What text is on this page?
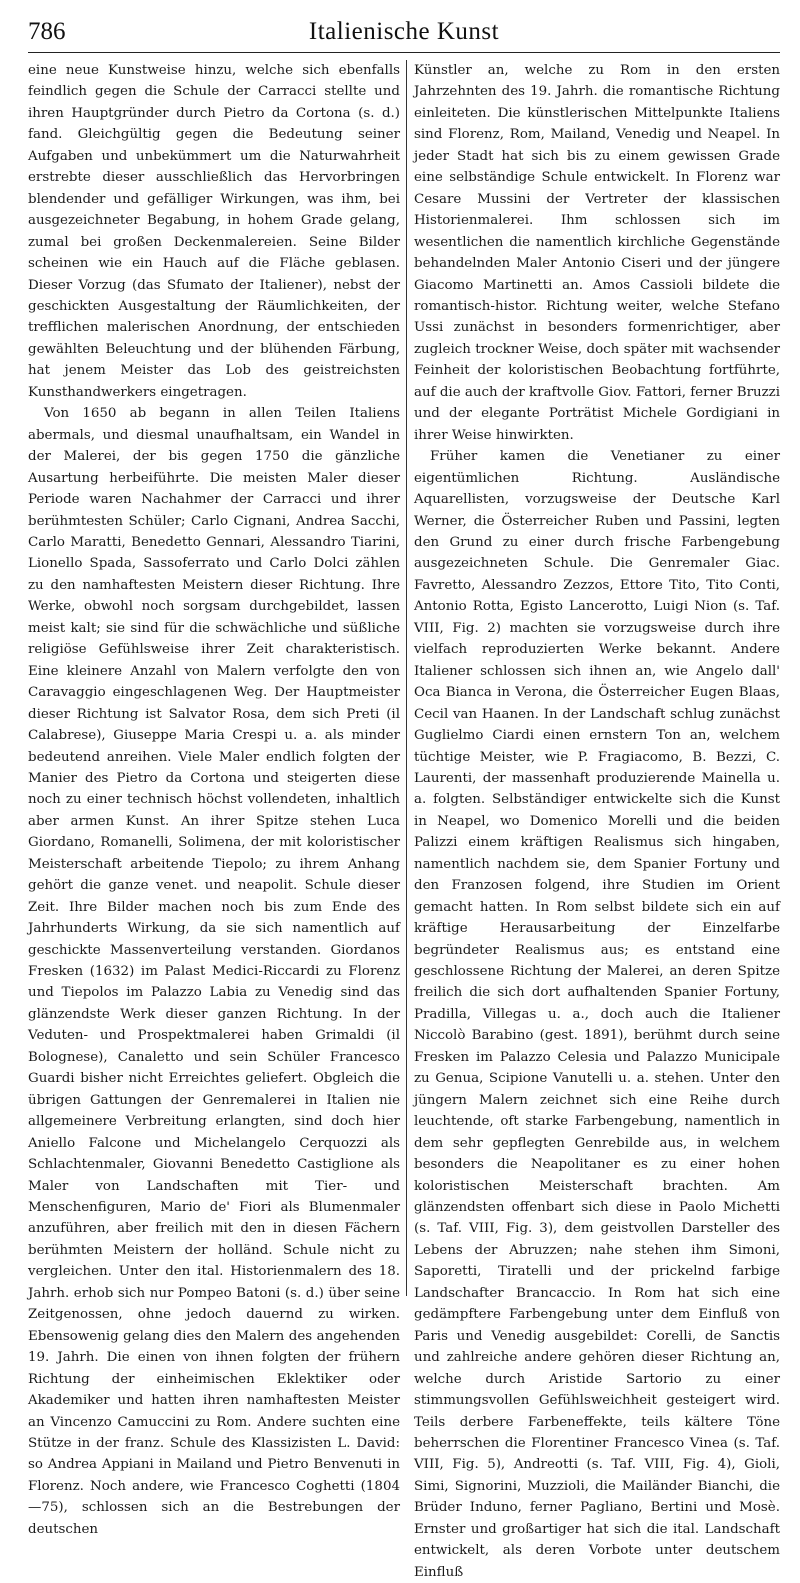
786	Italienische Kunst

eine neue Kunstweise hinzu, welche sich ebenfalls feindlich gegen die Schule der Carracci stellte und ihren Hauptgründer durch Pietro da Cortona (s. d.) fand. Gleichgültig gegen die Bedeutung seiner Aufgaben und unbekümmert um die Naturwahrheit erstrebte dieser ausschließlich das Hervorbringen blendender und gefälliger Wirkungen, was ihm, bei ausgezeichneter Begabung, in hohem Grade gelang, zumal bei großen Deckenmalereien. Seine Bilder scheinen wie ein Hauch auf die Fläche geblasen. Dieser Vorzug (das Sfumato der Italiener), nebst der geschickten Ausgestaltung der Räumlichkeiten, der trefflichen malerischen Anordnung, der entschieden gewählten Beleuchtung und der blühenden Färbung, hat jenem Meister das Lob des geistreichsten Kunsthandwerkers eingetragen.

Von 1650 ab begann in allen Teilen Italiens abermals, und diesmal unaufhaltsam, ein Wandel in der Malerei, der bis gegen 1750 die gänzliche Ausartung herbeiführte. Die meisten Maler dieser Periode waren Nachahmer der Carracci und ihrer berühmtesten Schüler; Carlo Cignani, Andrea Sacchi, Carlo Maratti, Benedetto Gennari, Alessandro Tiarini, Lionello Spada, Sassoferrato und Carlo Dolci zählen zu den namhaftesten Meistern dieser Richtung. Ihre Werke, obwohl noch sorgsam durchgebildet, lassen meist kalt; sie sind für die schwächliche und süßliche religiöse Gefühlsweise ihrer Zeit charakteristisch. Eine kleinere Anzahl von Malern verfolgte den von Caravaggio eingeschlagenen Weg. Der Hauptmeister dieser Richtung ist Salvator Rosa, dem sich Preti (il Calabrese), Giuseppe Maria Crespi u. a. als minder bedeutend anreihen. Viele Maler endlich folgten der Manier des Pietro da Cortona und steigerten diese noch zu einer technisch höchst vollendeten, inhaltlich aber armen Kunst. An ihrer Spitze stehen Luca Giordano, Romanelli, Solimena, der mit koloristischer Meisterschaft arbeitende Tiepolo; zu ihrem Anhang gehört die ganze venet. und neapolit. Schule dieser Zeit. Ihre Bilder machen noch bis zum Ende des Jahrhunderts Wirkung, da sie sich namentlich auf geschickte Massenverteilung verstanden. Giordanos Fresken (1632) im Palast Medici-Riccardi zu Florenz und Tiepolos im Palazzo Labia zu Venedig sind das glänzendste Werk dieser ganzen Richtung. In der Veduten- und Prospektmalerei haben Grimaldi (il Bolognese), Canaletto und sein Schüler Francesco Guardi bisher nicht Erreichtes geliefert. Obgleich die übrigen Gattungen der Genremalerei in Italien nie allgemeinere Verbreitung erlangten, sind doch hier Aniello Falcone und Michelangelo Cerquozzi als Schlachtenmaler, Giovanni Benedetto Castiglione als Maler von Landschaften mit Tier- und Menschenfiguren, Mario de' Fiori als Blumenmaler anzuführen, aber freilich mit den in diesen Fächern berühmten Meistern der holländ. Schule nicht zu vergleichen. Unter den ital. Historienmalern des 18. Jahrh. erhob sich nur Pompeo Batoni (s. d.) über seine Zeitgenossen, ohne jedoch dauernd zu wirken. Ebensowenig gelang dies den Malern des angehenden 19. Jahrh. Die einen von ihnen folgten der frühern Richtung der einheimischen Eklektiker oder Akademiker und hatten ihren namhaftesten Meister an Vincenzo Camuccini zu Rom. Andere suchten eine Stütze in der franz. Schule des Klassizisten L. David: so Andrea Appiani in Mailand und Pietro Benvenuti in Florenz. Noch andere, wie Francesco Coghetti (1804—75), schlossen sich an die Bestrebungen der deutschen

Künstler an, welche zu Rom in den ersten Jahrzehnten des 19. Jahrh. die romantische Richtung einleiteten. Die künstlerischen Mittelpunkte Italiens sind Florenz, Rom, Mailand, Venedig und Neapel. In jeder Stadt hat sich bis zu einem gewissen Grade eine selbständige Schule entwickelt. In Florenz war Cesare Mussini der Vertreter der klassischen Historienmalerei. Ihm schlossen sich im wesentlichen die namentlich kirchliche Gegenstände behandelnden Maler Antonio Ciseri und der jüngere Giacomo Martinetti an. Amos Cassioli bildete die romantisch-histor. Richtung weiter, welche Stefano Ussi zunächst in besonders formenrichtiger, aber zugleich trockner Weise, doch später mit wachsender Feinheit der koloristischen Beobachtung fortführte, auf die auch der kraftvolle Giov. Fattori, ferner Bruzzi und der elegante Porträtist Michele Gordigiani in ihrer Weise hinwirkten.

Früher kamen die Venetianer zu einer eigentümlichen Richtung. Ausländische Aquarellisten, vorzugsweise der Deutsche Karl Werner, die Österreicher Ruben und Passini, legten den Grund zu einer durch frische Farbengebung ausgezeichneten Schule. Die Genremaler Giac. Favretto, Alessandro Zezzos, Ettore Tito, Tito Conti, Antonio Rotta, Egisto Lancerotto, Luigi Nion (s. Taf. VIII, Fig. 2) machten sie vorzugsweise durch ihre vielfach reproduzierten Werke bekannt. Andere Italiener schlossen sich ihnen an, wie Angelo dall' Oca Bianca in Verona, die Österreicher Eugen Blaas, Cecil van Haanen. In der Landschaft schlug zunächst Guglielmo Ciardi einen ernstern Ton an, welchem tüchtige Meister, wie P. Fragiacomo, B. Bezzi, C. Laurenti, der massenhaft produzierende Mainella u. a. folgten. Selbständiger entwickelte sich die Kunst in Neapel, wo Domenico Morelli und die beiden Palizzi einem kräftigen Realismus sich hingaben, namentlich nachdem sie, dem Spanier Fortuny und den Franzosen folgend, ihre Studien im Orient gemacht hatten. In Rom selbst bildete sich ein auf kräftige Herausarbeitung der Einzelfarbe begründeter Realismus aus; es entstand eine geschlossene Richtung der Malerei, an deren Spitze freilich die sich dort aufhaltenden Spanier Fortuny, Pradilla, Villegas u. a., doch auch die Italiener Niccolò Barabino (gest. 1891), berühmt durch seine Fresken im Palazzo Celesia und Palazzo Municipale zu Genua, Scipione Vanutelli u. a. stehen. Unter den jüngern Malern zeichnet sich eine Reihe durch leuchtende, oft starke Farbengebung, namentlich in dem sehr gepflegten Genrebilde aus, in welchem besonders die Neapolitaner es zu einer hohen koloristischen Meisterschaft brachten. Am glänzendsten offenbart sich diese in Paolo Michetti (s. Taf. VIII, Fig. 3), dem geistvollen Darsteller des Lebens der Abruzzen; nahe stehen ihm Simoni, Saporetti, Tiratelli und der prickelnd farbige Landschafter Brancaccio. In Rom hat sich eine gedämpftere Farbengebung unter dem Einfluß von Paris und Venedig ausgebildet: Corelli, de Sanctis und zahlreiche andere gehören dieser Richtung an, welche durch Aristide Sartorio zu einer stimmungsvollen Gefühlsweichheit gesteigert wird. Teils derbere Farbeneffekte, teils kältere Töne beherrschen die Florentiner Francesco Vinea (s. Taf. VIII, Fig. 5), Andreotti (s. Taf. VIII, Fig. 4), Gioli, Simi, Signorini, Muzzioli, die Mailänder Bianchi, die Brüder Induno, ferner Pagliano, Bertini und Mosè. Ernster und großartiger hat sich die ital. Landschaft entwickelt, als deren Vorbote unter deutschem Einfluß
